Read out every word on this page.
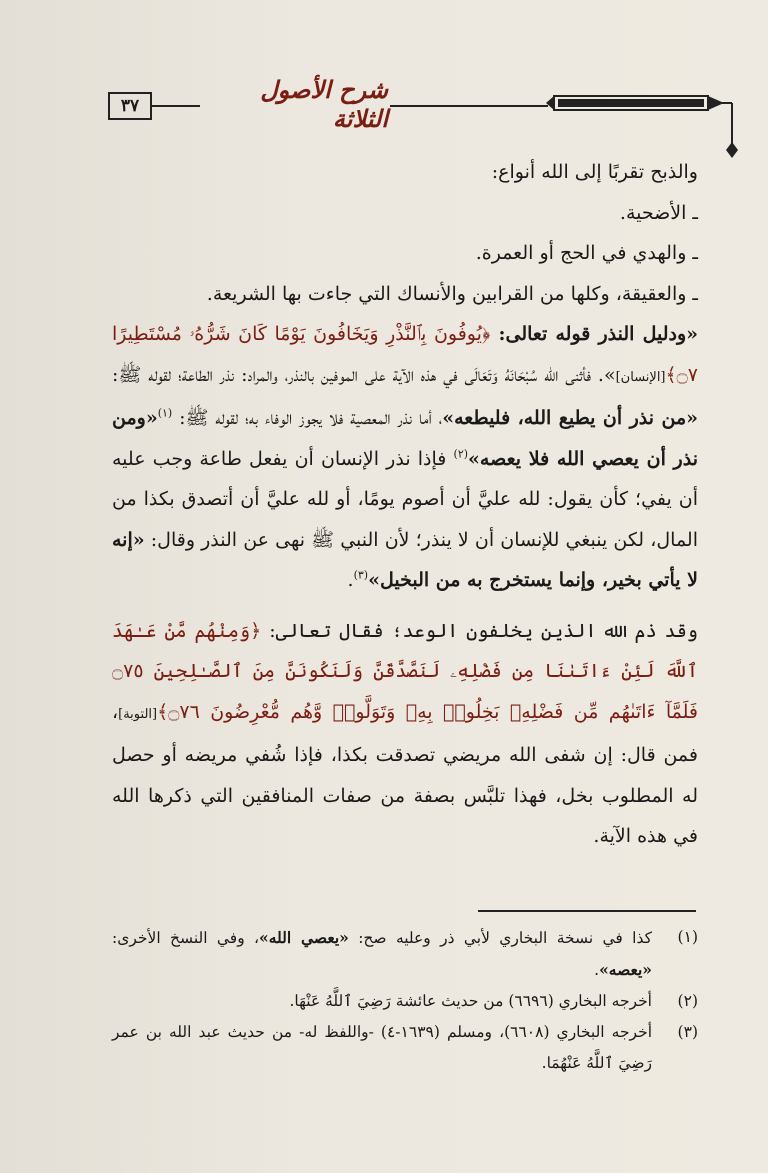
٣٧
شرح الأصول الثلاثة

والذبح تقربًا إلى الله أنواع:

ـ الأضحية.

ـ والهدي في الحج أو العمرة.

ـ والعقيقة، وكلها من القرابين والأنساك التي جاءت بها الشريعة.

«ودليل النذر قوله تعالى: ﴿يُوفُونَ بِٱلنَّذْرِ وَيَخَافُونَ يَوْمًا كَانَ شَرُّهُۥ مُسْتَطِيرًا ۝٧﴾[الإنسان]». فأثنى الله سُبْحَانَهُ وَتَعَالَى في هذه الآية على الموفين بالنذر، والمراد: نذر الطاعة؛ لقوله ﷺ: «من نذر أن يطيع الله، فليطعه»، أما نذر المعصية فلا يجوز الوفاء به؛ لقوله ﷺ: $^{(١)}$«ومن نذر أن يعصي الله فلا يعصه»$^{(٢)}$ فإذا نذر الإنسان أن يفعل طاعة وجب عليه أن يفي؛ كأن يقول: لله عليَّ أن أصوم يومًا، أو لله عليَّ أن أتصدق بكذا من المال، لكن ينبغي للإنسان أن لا ينذر؛ لأن النبي ﷺ نهى عن النذر وقال: «إنه لا يأتي بخير، وإنما يستخرج به من البخيل»$^{(٣)}$.

وقد ذم الله الذين يخلفون الوعد؛ فقال تعالى: ﴿وَمِنْهُم مَّنْ عَـٰهَدَ ٱللَّهَ لَئِنْ ءَاتَىٰنَا مِن فَضْلِهِۦ لَنَصَّدَّقَنَّ وَلَنَكُونَنَّ مِنَ ٱلصَّـٰلِحِينَ ۝٧٥ فَلَمَّآ ءَاتَىٰهُم مِّن فَضْلِهِۦ بَخِلُوا۟ بِهِۦ وَتَوَلَّوا۟ وَّهُم مُّعْرِضُونَ ۝٧٦﴾[التوبة]، فمن قال: إن شفى الله مريضي تصدقت بكذا، فإذا شُفي مريضه أو حصل له المطلوب بخل، فهذا تلبَّس بصفة من صفات المنافقين التي ذكرها الله في هذه الآية.

(١)
كذا في نسخة البخاري لأبي ذر وعليه صح: «يعصي الله»، وفي النسخ الأخرى: «يعصه».
(٢)
أخرجه البخاري (٦٦٩٦) من حديث عائشة رَضِيَ ٱللَّهُ عَنْهَا.
(٣)
أخرجه البخاري (٦٦٠٨)، ومسلم (١٦٣٩-٤) -واللفظ له- من حديث عبد الله بن عمر رَضِيَ ٱللَّهُ عَنْهُمَا.
